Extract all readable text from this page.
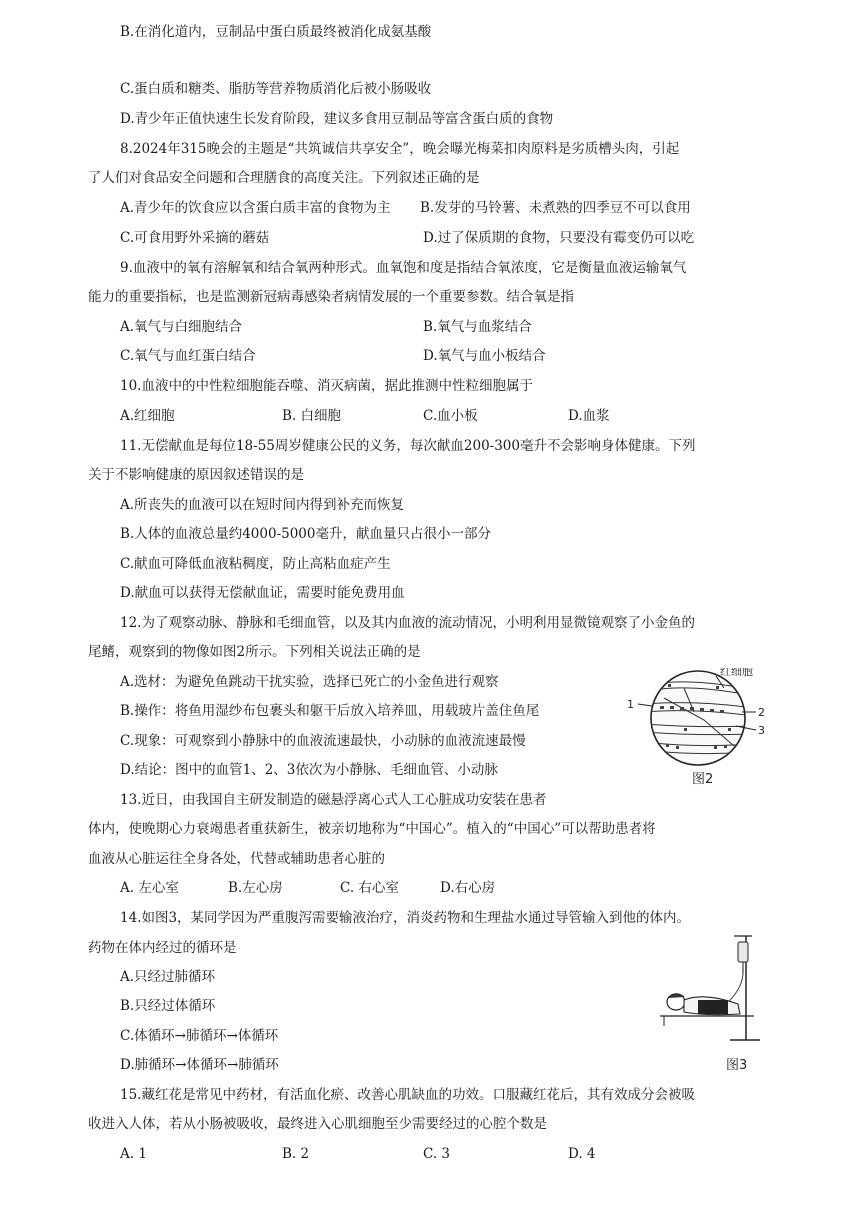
B.在消化道内，豆制品中蛋白质最终被消化成氨基酸
C.蛋白质和糖类、脂肪等营养物质消化后被小肠吸收
D.青少年正值快速生长发育阶段，建议多食用豆制品等富含蛋白质的食物
8.2024年315晚会的主题是“共筑诚信共享安全”，晚会曝光梅菜扣肉原料是劣质槽头肉，引起
了人们对食品安全问题和合理膳食的高度关注。下列叙述正确的是
A.青少年的饮食应以含蛋白质丰富的食物为主 B.发芽的马铃薯、未煮熟的四季豆不可以食用
C.可食用野外采摘的蘑菇	D.过了保质期的食物，只要没有霉变仍可以吃
9.血液中的氧有溶解氧和结合氧两种形式。血氧饱和度是指结合氧浓度，它是衡量血液运输氧气
能力的重要指标，也是监测新冠病毒感染者病情发展的一个重要参数。结合氧是指
A.氧气与白细胞结合	B.氧气与血浆结合
C.氧气与血红蛋白结合	D.氧气与血小板结合
10.血液中的中性粒细胞能吞噬、消灭病菌，据此推测中性粒细胞属于
A.红细胞	B. 白细胞	C.血小板	D.血浆
11.无偿献血是每位18-55周岁健康公民的义务，每次献血200-300毫升不会影响身体健康。下列
关于不影响健康的原因叙述错误的是
A.所丧失的血液可以在短时间内得到补充而恢复
B.人体的血液总量约4000-5000毫升，献血量只占很小一部分
C.献血可降低血液粘稠度，防止高粘血症产生
D.献血可以获得无偿献血证，需要时能免费用血
12.为了观察动脉、静脉和毛细血管，以及其内血液的流动情况，小明利用显微镜观察了小金鱼的
尾鳍，观察到的物像如图2所示。下列相关说法正确的是
A.选材：为避免鱼跳动干扰实验，选择已死亡的小金鱼进行观察
B.操作：将鱼用湿纱布包裹头和躯干后放入培养皿，用载玻片盖住鱼尾
C.现象：可观察到小静脉中的血液流速最快，小动脉的血液流速最慢
D.结论：图中的血管1、2、3依次为小静脉、毛细血管、小动脉
1
2
3
红细胞
图2
13.近日，由我国自主研发制造的磁悬浮离心式人工心脏成功安装在患者
体内，使晚期心力衰竭患者重获新生，被亲切地称为“中国心”。植入的“中国心”可以帮助患者将
血液从心脏运往全身各处，代替或辅助患者心脏的
A. 左心室	B.左心房	C. 右心室	D.右心房
14.如图3，某同学因为严重腹泻需要输液治疗，消炎药物和生理盐水通过导管输入到他的体内。
药物在体内经过的循环是
A.只经过肺循环
B.只经过体循环
C.体循环→肺循环→体循环
D.肺循环→体循环→肺循环	图3
15.藏红花是常见中药材，有活血化瘀、改善心肌缺血的功效。口服藏红花后，其有效成分会被吸
收进入人体，若从小肠被吸收，最终进入心肌细胞至少需要经过的心腔个数是
A. 1	B. 2	C. 3	D. 4
